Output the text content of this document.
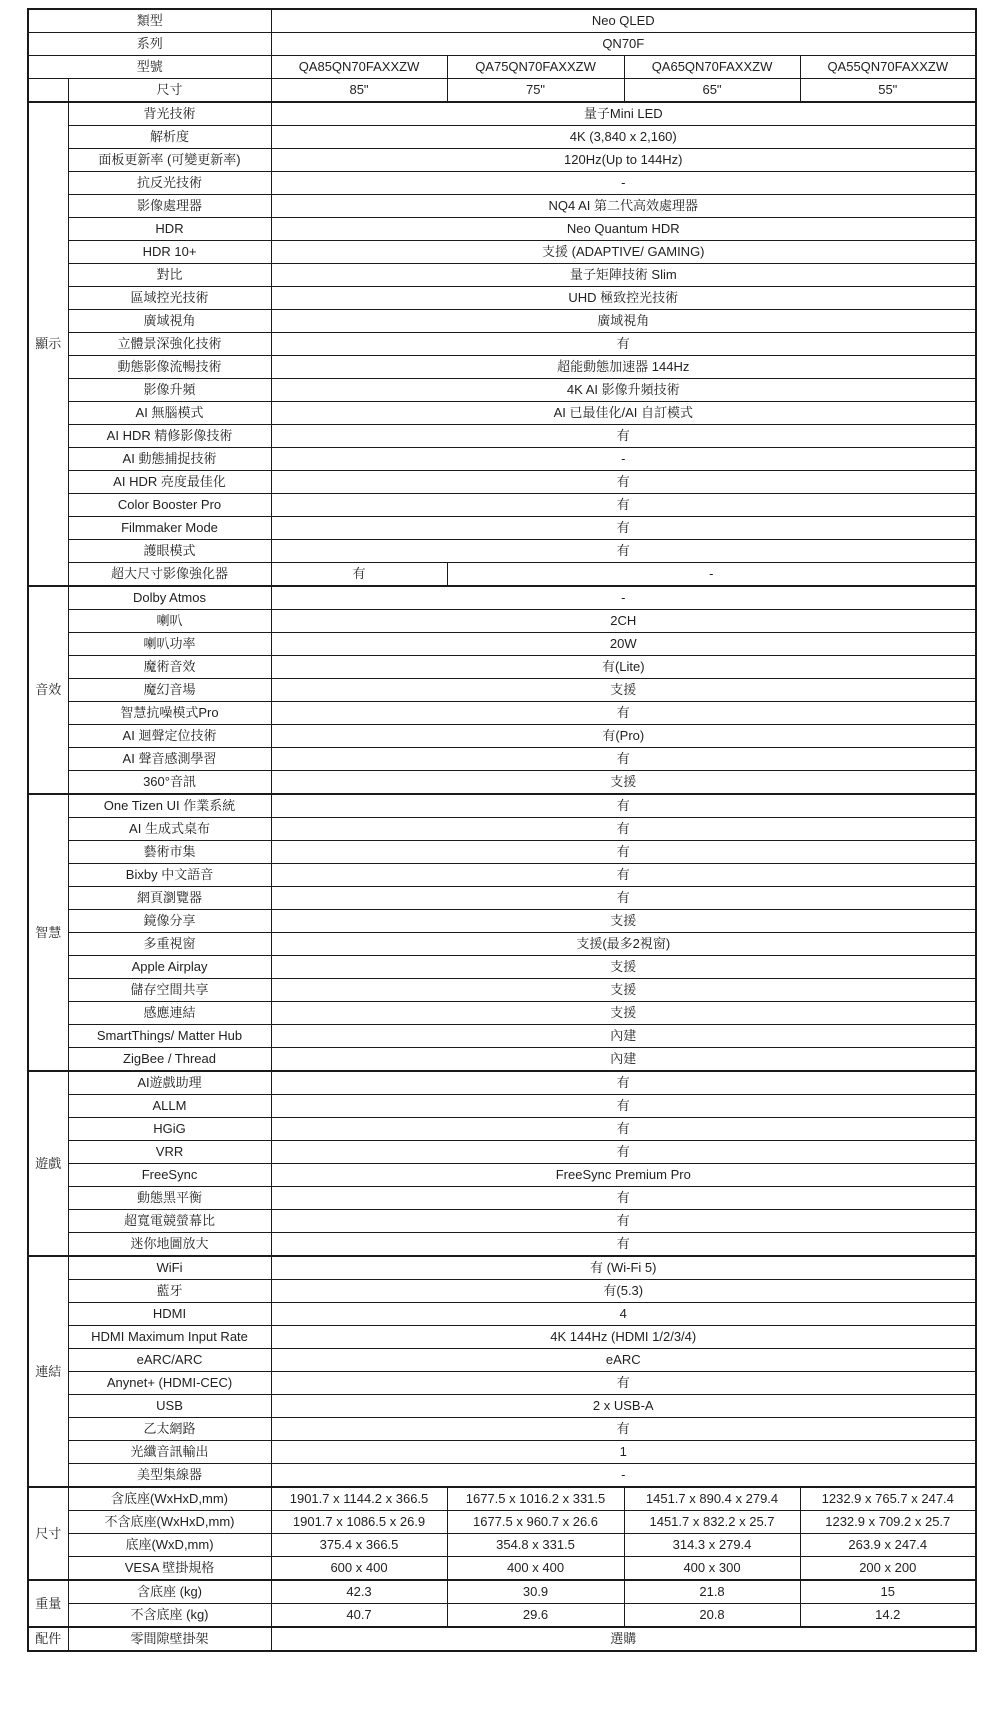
類型		Neo QLED			
系列		QN70F			
型號		QA85QN70FAXXZW	QA75QN70FAXXZW	QA65QN70FAXXZW	QA55QN70FAXXZW
	尺寸	85"	75"	65"	55"
顯示	背光技術	量子Mini LED			
	解析度	4K (3,840 x 2,160)			
	面板更新率 (可變更新率)	120Hz(Up to 144Hz)			
	抗反光技術	-			
	影像處理器	NQ4 AI 第二代高效處理器			
	HDR	Neo Quantum HDR			
	HDR 10+	支援 (ADAPTIVE/ GAMING)			
	對比	量子矩陣技術 Slim			
	區域控光技術	UHD 極致控光技術			
	廣域視角	廣域視角			
	立體景深強化技術	有			
	動態影像流暢技術	超能動態加速器 144Hz			
	影像升頻	4K AI 影像升頻技術			
	AI 無腦模式	AI 已最佳化/AI 自訂模式			
	AI HDR 精修影像技術	有			
	AI 動態捕捉技術	-			
	AI HDR 亮度最佳化	有			
	Color Booster Pro	有			
	Filmmaker Mode	有			
	護眼模式	有			
	超大尺寸影像強化器	有	-		
音效	Dolby Atmos	-			
	喇叭	2CH			
	喇叭功率	20W			
	魔術音效	有(Lite)			
	魔幻音場	支援			
	智慧抗噪模式Pro	有			
	AI 迴聲定位技術	有(Pro)			
	AI 聲音感測學習	有			
	360°音訊	支援			
智慧	One Tizen UI 作業系統	有			
	AI 生成式桌布	有			
	藝術市集	有			
	Bixby 中文語音	有			
	網頁瀏覽器	有			
	鏡像分享	支援			
	多重視窗	支援(最多2視窗)			
	Apple Airplay	支援			
	儲存空間共享	支援			
	感應連結	支援			
	SmartThings/ Matter Hub	內建			
	ZigBee / Thread	內建			
遊戲	AI遊戲助理	有			
	ALLM	有			
	HGiG	有			
	VRR	有			
	FreeSync	FreeSync Premium Pro			
	動態黑平衡	有			
	超寬電競螢幕比	有			
	迷你地圖放大	有			
連結	WiFi	有 (Wi-Fi 5)			
	藍牙	有(5.3)			
	HDMI	4			
	HDMI Maximum Input Rate	4K 144Hz (HDMI 1/2/3/4)			
	eARC/ARC	eARC			
	Anynet+ (HDMI-CEC)	有			
	USB	2 x USB-A			
	乙太網路	有			
	光纖音訊輸出	1			
	美型集線器	-			
尺寸	含底座(WxHxD,mm)	1901.7 x 1144.2 x 366.5	1677.5 x 1016.2 x 331.5	1451.7 x 890.4 x 279.4	1232.9 x 765.7 x 247.4
	不含底座(WxHxD,mm)	1901.7 x 1086.5 x 26.9	1677.5 x 960.7 x 26.6	1451.7 x 832.2 x 25.7	1232.9 x 709.2 x 25.7
	底座(WxD,mm)	375.4 x 366.5	354.8 x 331.5	314.3 x 279.4	263.9 x 247.4
	VESA 壁掛規格	600 x 400	400 x 400	400 x 300	200 x 200
重量	含底座 (kg)	42.3	30.9	21.8	15
	不含底座 (kg)	40.7	29.6	20.8	14.2
配件	零間隙壁掛架	選購			
